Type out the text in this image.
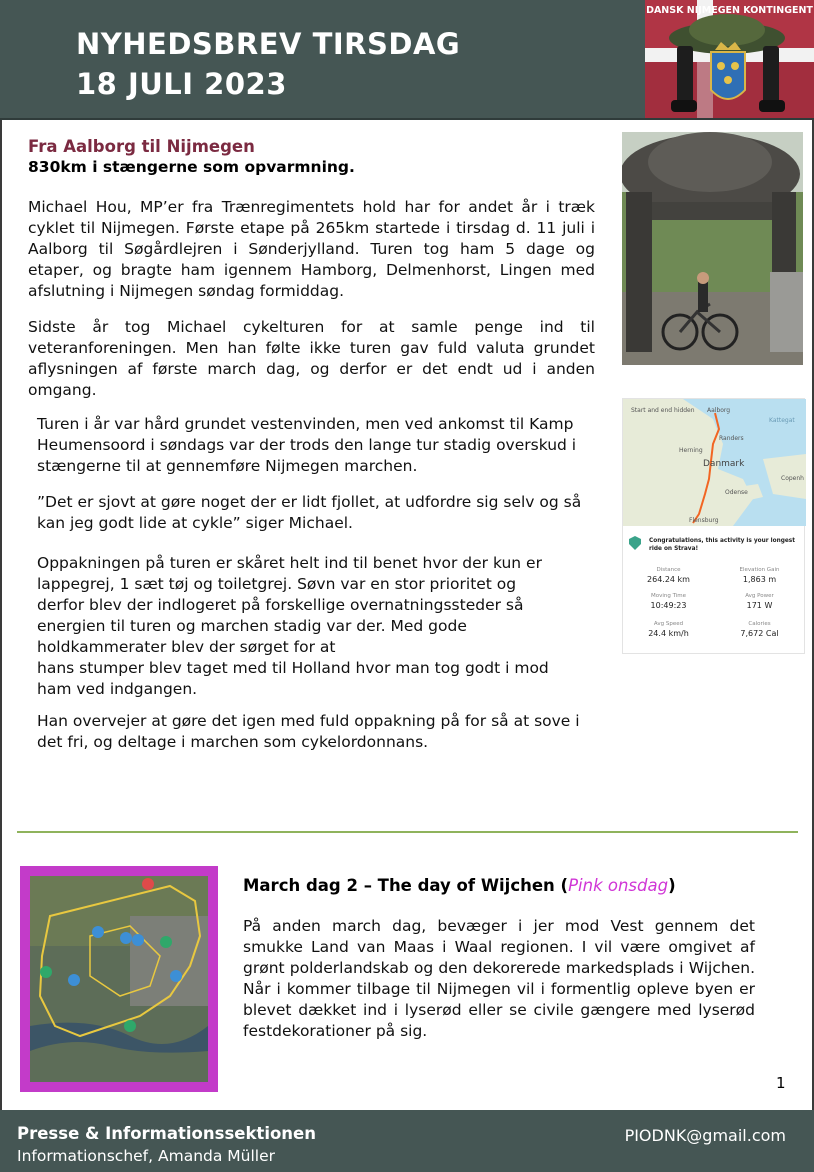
NYHEDSBREV TIRSDAG
18 JULI 2023
DANSK NIJMEGEN KONTINGENT
Fra Aalborg til Nijmegen
830km i stængerne som opvarmning.
Michael Hou, MP’er fra Trænregimentets hold har for andet år i træk cyklet til Nijmegen. Første etape på 265km startede i tirsdag d. 11 juli i Aalborg til Søgårdlejren i Sønderjylland. Turen tog ham 5 dage og etaper, og bragte ham igennem Hamborg, Delmenhorst, Lingen med afslutning i Nijmegen søndag formiddag.
Sidste år tog Michael cykelturen for at samle penge ind til veteranforeningen. Men han følte ikke turen gav fuld valuta grundet aflysningen af første march dag, og derfor er det endt ud i anden omgang.
Turen i år var hård grundet vestenvinden, men ved ankomst til Kamp Heumensoord i søndags var der trods den lange tur stadig overskud i stængerne til at gennemføre Nijmegen marchen.
”Det er sjovt at gøre noget der er lidt fjollet, at udfordre sig selv og så kan jeg godt lide at cykle” siger Michael.
Oppakningen på turen er skåret helt ind til benet hvor der kun er
lappegrej, 1 sæt tøj og toiletgrej. Søvn var en stor prioritet og
derfor blev der indlogeret på forskellige overnatningssteder så
energien til turen og marchen stadig var der. Med gode
holdkammerater blev der sørget for at
hans stumper blev taget med til Holland hvor man tog godt i mod
ham ved indgangen.
Han overvejer at gøre det igen med fuld oppakning på for så at sove i det fri, og deltage i marchen som cykelordonnans.
Start and end hidden Aalborg
Kattegat
Randers
Danmark
Herning
Odense
Copenh
Flensburg
Congratulations, this activity is your longest ride on Strava!
Distance
264.24 km
Elevation Gain
1,863 m
Moving Time
10:49:23
Avg Power
171 W
Avg Speed
24.4 km/h
Calories
7,672 Cal
March dag 2 – The day of Wijchen (Pink onsdag)
På anden march dag, bevæger i jer mod Vest gennem det smukke Land van Maas i Waal regionen. I vil være omgivet af grønt polderlandskab og den dekorerede markedsplads i Wijchen. Når i kommer tilbage til Nijmegen vil i formentlig opleve byen er blevet dækket ind i lyserød eller se civile gængere med lyserød festdekorationer på sig.
1
Presse & Informationssektionen
Informationschef, Amanda Müller
PIODNK@gmail.com
